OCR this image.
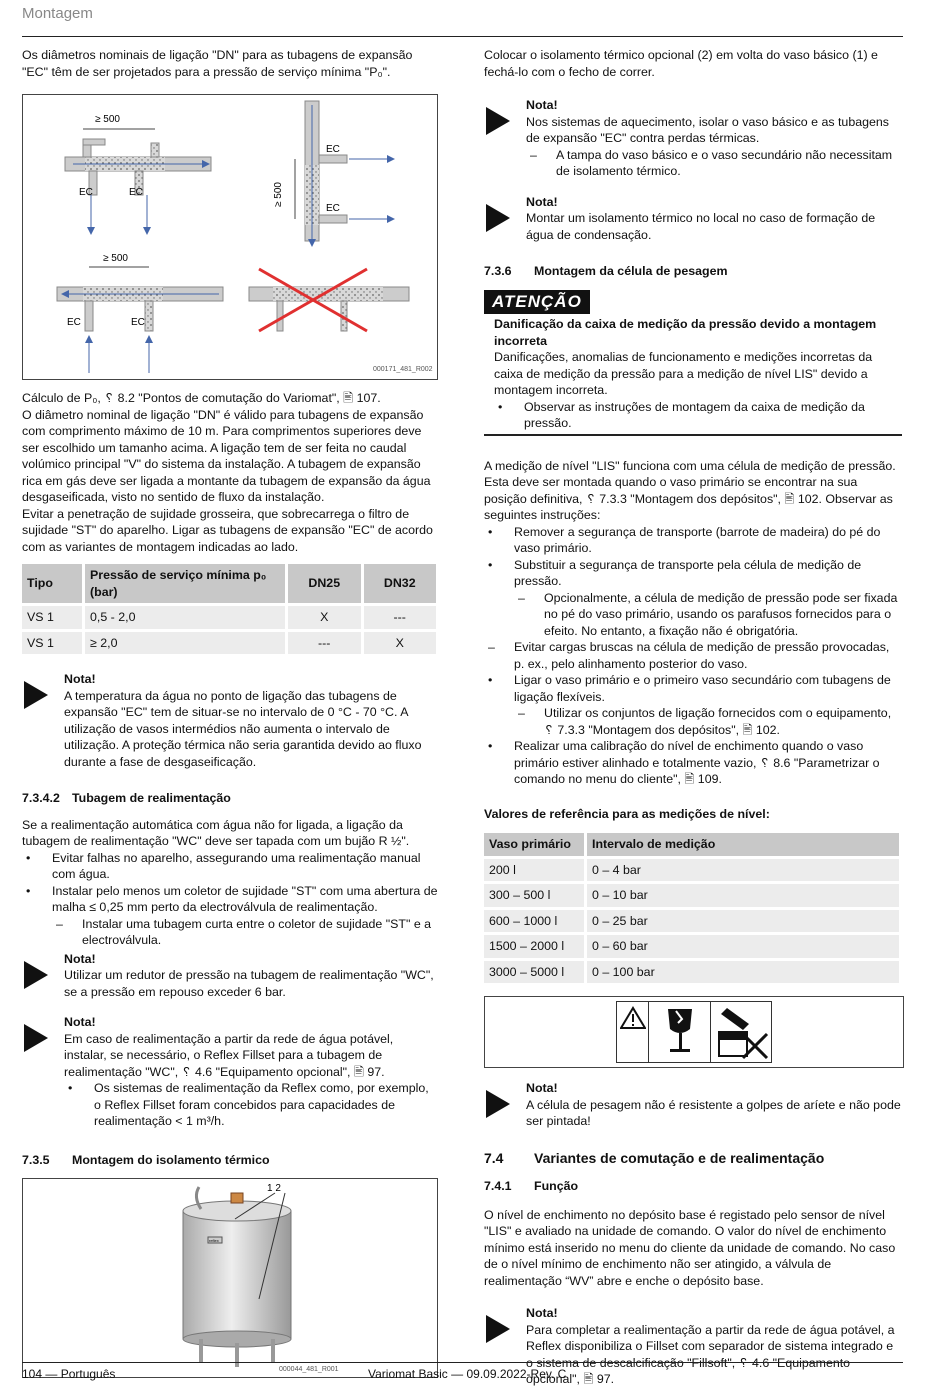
Montagem

Os diâmetros nominais de ligação "DN" para as tubagens de expansão "EC" têm de ser projetados para a pressão de serviço mínima "P₀".

≥ 500
EC	EC
EC
EC
≥ 500
≥ 500
EC	EC
000171_481_R002

Cálculo de P₀, ␦ 8.2 "Pontos de comutação do Variomat", 🖹 107.

O diâmetro nominal de ligação "DN" é válido para tubagens de expansão com comprimento máximo de 10 m. Para comprimentos superiores deve ser escolhido um tamanho acima. A ligação tem de ser feita no caudal volúmico principal "V" do sistema da instalação. A tubagem de expansão rica em gás deve ser ligada a montante da tubagem de expansão da água desgaseificada, visto no sentido de fluxo da instalação.

Evitar a penetração de sujidade grosseira, que sobrecarrega o filtro de sujidade "ST" do aparelho. Ligar as tubagens de expansão "EC" de acordo com as variantes de montagem indicadas ao lado.

Tipo	Pressão de serviço mínima p₀ (bar)	DN25	DN32
VS 1	0,5 - 2,0	X	---
VS 1	≥ 2,0	---	X

Nota!

A temperatura da água no ponto de ligação das tubagens de expansão "EC" tem de situar-se no intervalo de 0 °C - 70 °C. A utilização de vasos intermédios não aumenta o intervalo de utilização. A proteção térmica não seria garantida devido ao fluxo durante a fase de desgaseificação.

7.3.4.2 Tubagem de realimentação

Se a realimentação automática com água não for ligada, a ligação da tubagem de realimentação "WC" deve ser tapada com um bujão R ½".

• Evitar falhas no aparelho, assegurando uma realimentação manual com água.
• Instalar pelo menos um coletor de sujidade "ST" com uma abertura de malha ≤ 0,25 mm perto da electroválvula de realimentação.
– Instalar uma tubagem curta entre o coletor de sujidade "ST" e a electroválvula.

Nota!

Utilizar um redutor de pressão na tubagem de realimentação "WC", se a pressão em repouso exceder 6 bar.

Nota!

Em caso de realimentação a partir da rede de água potável, instalar, se necessário, o Reflex Fillset para a tubagem de realimentação "WC", ␦ 4.6 "Equipamento opcional", 🖹 97.

• Os sistemas de realimentação da Reflex como, por exemplo, o Reflex Fillset foram concebidos para capacidades de realimentação < 1 m³/h.
7.3.5	Montagem do isolamento térmico
reflex
1 2
000044_481_R001

Colocar o isolamento térmico opcional (2) em volta do vaso básico (1) e fechá-lo com o fecho de correr.

Nota!

Nos sistemas de aquecimento, isolar o vaso básico e as tubagens de expansão "EC" contra perdas térmicas.

– A tampa do vaso básico e o vaso secundário não necessitam de isolamento térmico.

Nota!

Montar um isolamento térmico no local no caso de formação de água de condensação.

7.3.6	Montagem da célula de pesagem
ATENÇÃO

Danificação da caixa de medição da pressão devido a montagem incorreta

Danificações, anomalias de funcionamento e medições incorretas da caixa de medição da pressão para a medição de nível LIS" devido a montagem incorreta.

• Observar as instruções de montagem da caixa de medição da pressão.

A medição de nível "LIS" funciona com uma célula de medição de pressão. Esta deve ser montada quando o vaso primário se encontrar na sua posição definitiva, ␦ 7.3.3 "Montagem dos depósitos", 🖹 102. Observar as seguintes instruções:

• Remover a segurança de transporte (barrote de madeira) do pé do vaso primário.
• Substituir a segurança de transporte pela célula de medição de pressão.
– Opcionalmente, a célula de medição de pressão pode ser fixada no pé do vaso primário, usando os parafusos fornecidos para o efeito. No entanto, a fixação não é obrigatória.
– Evitar cargas bruscas na célula de medição de pressão provocadas, p. ex., pelo alinhamento posterior do vaso.
• Ligar o vaso primário e o primeiro vaso secundário com tubagens de ligação flexíveis.
– Utilizar os conjuntos de ligação fornecidos com o equipamento, ␦ 7.3.3 "Montagem dos depósitos", 🖹 102.
• Realizar uma calibração do nível de enchimento quando o vaso primário estiver alinhado e totalmente vazio, ␦ 8.6 "Parametrizar o comando no menu do cliente", 🖹 109.

Valores de referência para as medições de nível:

Vaso primário	Intervalo de medição
200 l	0 – 4 bar
300 – 500 l	0 – 10 bar
600 – 1000 l	0 – 25 bar
1500 – 2000 l	0 – 60 bar
3000 – 5000 l	0 – 100 bar

Nota!

A célula de pesagem não é resistente a golpes de aríete e não pode ser pintada!

7.4	Variantes de comutação e de realimentação
7.4.1	Função

O nível de enchimento no depósito base é registado pelo sensor de nível "LIS" e avaliado na unidade de comando. O valor do nível de enchimento mínimo está inserido no menu do cliente da unidade de comando. No caso de o nível mínimo de enchimento não ser atingido, a válvula de realimentação “WV” abre e enche o depósito base.

Nota!

Para completar a realimentação a partir da rede de água potável, a Reflex disponibiliza o Fillset com separador de sistema integrado e o sistema de descalcificação "Fillsoft", ␦ 4.6 "Equipamento opcional", 🖹 97.

104 — Português	Variomat Basic — 09.09.2022-Rev. C
